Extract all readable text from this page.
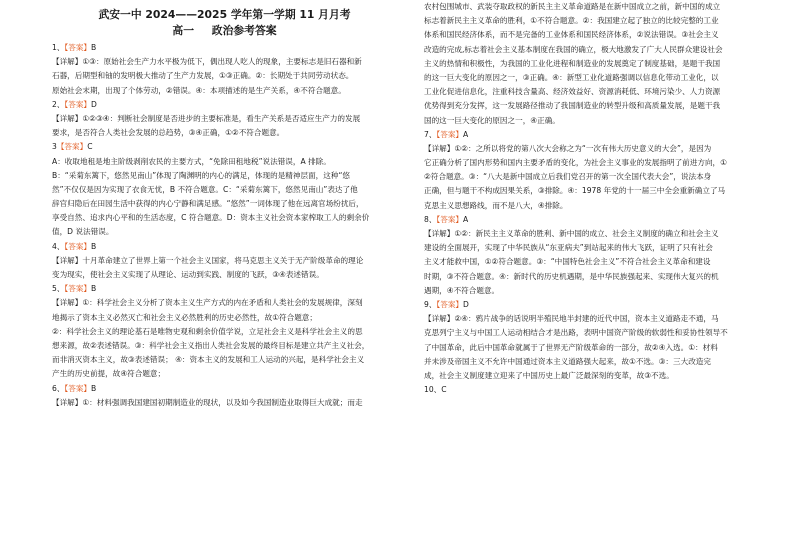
武安一中 2024——2025 学年第一学期 11 月月考
高一 政治参考答案
1、【答案】B
【详解】①③：原始社会生产力水平极为低下，偶出现人吃人的现象，主要标志是旧石器和新
石器，后期型和铀的发明极大推动了生产力发展，①③正确。②：长期处于共同劳动状态。
原始社会末期，出现了个体劳动，②错误。④：本项描述的是生产关系，④不符合题意。
2、【答案】D
【详解】①②③④：判断社会制度是否进步的主要标准是，看生产关系是否适应生产力的发展
要求，是否符合人类社会发展的总趋势，③④正确，①②不符合题意。
3【答案】C
A：收取地租是地主阶级剥削农民的主要方式，“免除田租地税”说法错误，A 排除。
B：“采菊东篱下，悠然见南山”体现了陶渊明的内心的满足，体现的是精神层面，这种“悠
然”不仅仅是因为实现了衣食无忧，B 不符合题意。C：“采菊东篱下，悠然见南山”表达了他
辞官归隐后在田园生活中获得的内心宁静和满足感。“悠然”一词体现了他在远离官场纷扰后，
享受自然、追求内心平和的生活态度，C 符合题意。D：资本主义社会资本家榨取工人的剩余价
值，D 说法错误。
4、【答案】B
【详解】十月革命建立了世界上第一个社会主义国家，将马克思主义关于无产阶级革命的理论
变为现实，使社会主义实现了从理论、运动到实践、制度的飞跃，③④表述错误。
5、【答案】B
【详解】①：科学社会主义分析了资本主义生产方式的内在矛盾和人类社会的发展规律，深刻
地揭示了资本主义必然灭亡和社会主义必然胜利的历史必然性，故①符合题意；
②：科学社会主义的理论基石是唯物史观和剩余价值学说，立足社会主义是科学社会主义的思
想来源，故②表述错误。③：科学社会主义指出人类社会发展的最终目标是建立共产主义社会，
而非消灭资本主义，故③表述错误； ④：资本主义的发展和工人运动的兴起，是科学社会主义
产生的历史前提，故④符合题意；
6、【答案】B
【详解】①：材料强调我国建国初期制造业的现状，以及如今我国制造业取得巨大成就；而走
农村包围城市、武装夺取政权的新民主主义革命道路是在新中国成立之前，新中国的成立
标志着新民主主义革命的胜利，①不符合题意。②：我国建立起了独立的比较完整的工业
体系和国民经济体系，而不是完备的工业体系和国民经济体系，②说法错误。③社会主义
改造的完成,标志着社会主义基本制度在我国的确立，极大地激发了广大人民群众建设社会
主义的热情和积极性，为我国的工业化进程和制造业的发展奠定了制度基础，是题干我国
的这一巨大变化的原因之一，③正确。④：新型工业化道路强调以信息化带动工业化，以
工业化促进信息化，注重科技含量高、经济效益好、资源消耗低、环境污染少、人力资源
优势得到充分发挥，这一发展路径推动了我国制造业的转型升级和高质量发展，是题干我
国的这一巨大变化的原因之一，④正确。
7、【答案】A
【详解】①②：之所以将党的第八次大会称之为“一次有伟大历史意义的大会”，是因为
它正确分析了国内形势和国内主要矛盾的变化，为社会主义事业的发展指明了前进方向，①
②符合题意。③：“八大是新中国成立后我们党召开的第一次全国代表大会”，说法本身
正确，但与题干不构成因果关系，③排除。④：1978 年党的十一届三中全会重新确立了马
克思主义思想路线，而不是八大，④排除。
8、【答案】A
【详解】①②：新民主主义革命的胜利、新中国的成立、社会主义制度的确立和社会主义
建设的全面展开，实现了中华民族从“东亚病夫”到站起来的伟大飞跃，证明了只有社会
主义才能救中国，①②符合题意。③：“中国特色社会主义”不符合社会主义革命和建设
时期，③不符合题意。④：新时代的历史机遇期，是中华民族强起来、实现伟大复兴的机
遇期，④不符合题意。
9、【答案】D
【详解】②④：鸦片战争的话说明半殖民地半封建的近代中国，资本主义道路走不通，马
克思列宁主义与中国工人运动相结合才是出路，表明中国资产阶级的软弱性和妥协性领导不
了中国革命，此后中国革命就属于了世界无产阶级革命的一部分，故②④入选。①：材料
并未涉及帝国主义不允许中国通过资本主义道路强大起来，故①不选。③：三大改造完
成，社会主义制度建立迎来了中国历史上最广泛最深刻的变革，故③不选。
10、C
